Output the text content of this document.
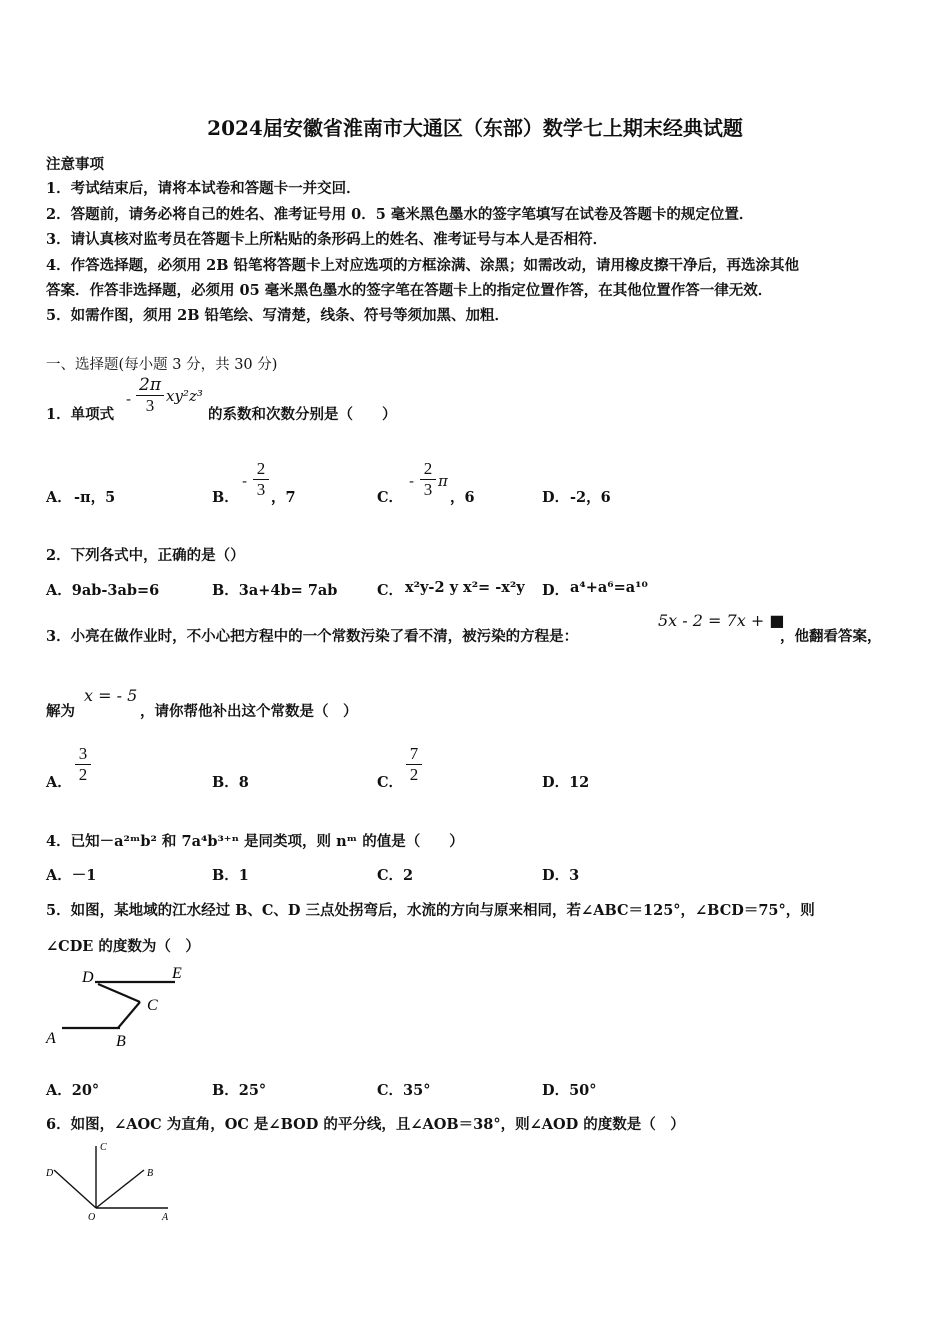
2024届安徽省淮南市大通区（东部）数学七上期末经典试题
注意事项
1．考试结束后，请将本试卷和答题卡一并交回．
2．答题前，请务必将自己的姓名、准考证号用 0．5 毫米黑色墨水的签字笔填写在试卷及答题卡的规定位置．
3．请认真核对监考员在答题卡上所粘贴的条形码上的姓名、准考证号与本人是否相符．
4．作答选择题，必须用 2B 铅笔将答题卡上对应选项的方框涂满、涂黑；如需改动，请用橡皮擦干净后，再选涂其他
答案．作答非选择题，必须用 05 毫米黑色墨水的签字笔在答题卡上的指定位置作答，在其他位置作答一律无效．
5．如需作图，须用 2B 铅笔绘、写清楚，线条、符号等须加黑、加粗．
一、选择题(每小题 3 分，共 30 分)
1．单项式
-
2π
3 xy²z³
的系数和次数分别是（　　）
A． -π，5	B．
-
2
3 ，7	C．
-
2
3 π
，6	D． -2，6
2．下列各式中，正确的是（）
A．9ab-3ab=6	B．3a+4b= 7ab	C． x²y-2 y x²= -x²y D． a⁴+a⁶=a¹⁰
3．小亮在做作业时，不小心把方程中的一个常数污染了看不清，被污染的方程是：
5x - 2 = 7x + ■
，他翻看答案，
解为
x = - 5
，请你帮他补出这个常数是（　）
A．
3
2	B．8	C．
7
2	D．12
4．已知－a²ᵐb² 和 7a⁴b³⁺ⁿ 是同类项，则 nᵐ 的值是（　　）
A．－1	B．1	C．2	D．3
5．如图，某地域的江水经过 B、C、D 三点处拐弯后，水流的方向与原来相同，若∠ABC＝125°，∠BCD＝75°，则
∠CDE 的度数为（　）
D	E
C
A	B
A．20°	B．25°	C．35°	D．50°
6．如图，∠AOC 为直角，OC 是∠BOD 的平分线，且∠AOB＝38°，则∠AOD 的度数是（　）
C
D	B
O	A
